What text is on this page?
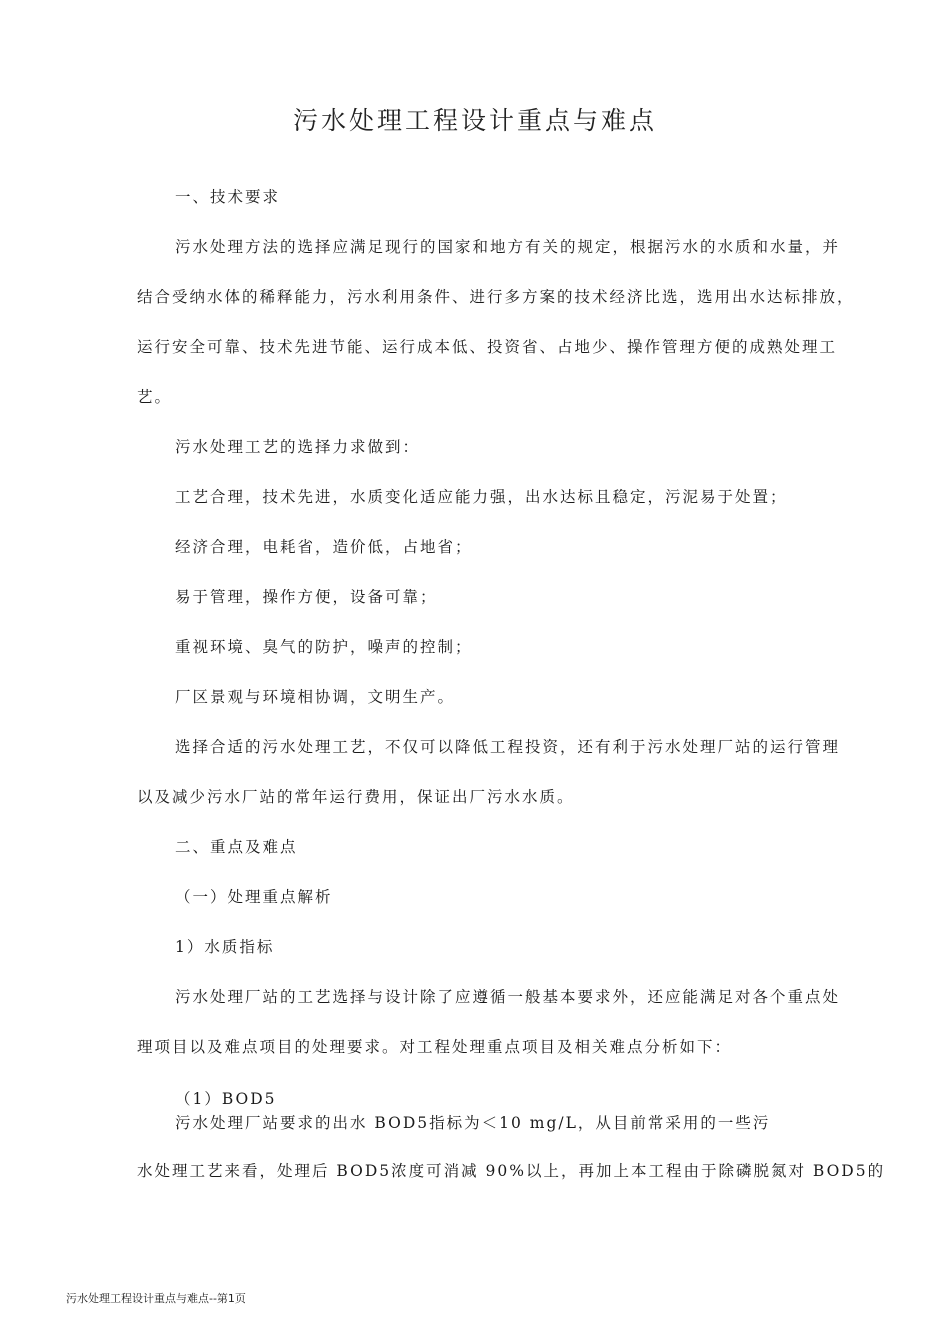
污水处理工程设计重点与难点
一、技术要求
污水处理方法的选择应满足现行的国家和地方有关的规定，根据污水的水质和水量，并
结合受纳水体的稀释能力，污水利用条件、进行多方案的技术经济比选，选用出水达标排放，
运行安全可靠、技术先进节能、运行成本低、投资省、占地少、操作管理方便的成熟处理工
艺。
污水处理工艺的选择力求做到：
工艺合理，技术先进，水质变化适应能力强，出水达标且稳定，污泥易于处置；
经济合理，电耗省，造价低，占地省；
易于管理，操作方便，设备可靠；
重视环境、臭气的防护，噪声的控制；
厂区景观与环境相协调，文明生产。
选择合适的污水处理工艺，不仅可以降低工程投资，还有利于污水处理厂站的运行管理
以及减少污水厂站的常年运行费用，保证出厂污水水质。
二、重点及难点
（一）处理重点解析
1）水质指标
污水处理厂站的工艺选择与设计除了应遵循一般基本要求外，还应能满足对各个重点处
理项目以及难点项目的处理要求。对工程处理重点项目及相关难点分析如下：
（1）BOD5
污水处理厂站要求的出水 BOD5指标为＜10 mg/L，从目前常采用的一些污
水处理工艺来看，处理后 BOD5浓度可消减 90%以上，再加上本工程由于除磷脱氮对 BOD5的
污水处理工程设计重点与难点--第1页
